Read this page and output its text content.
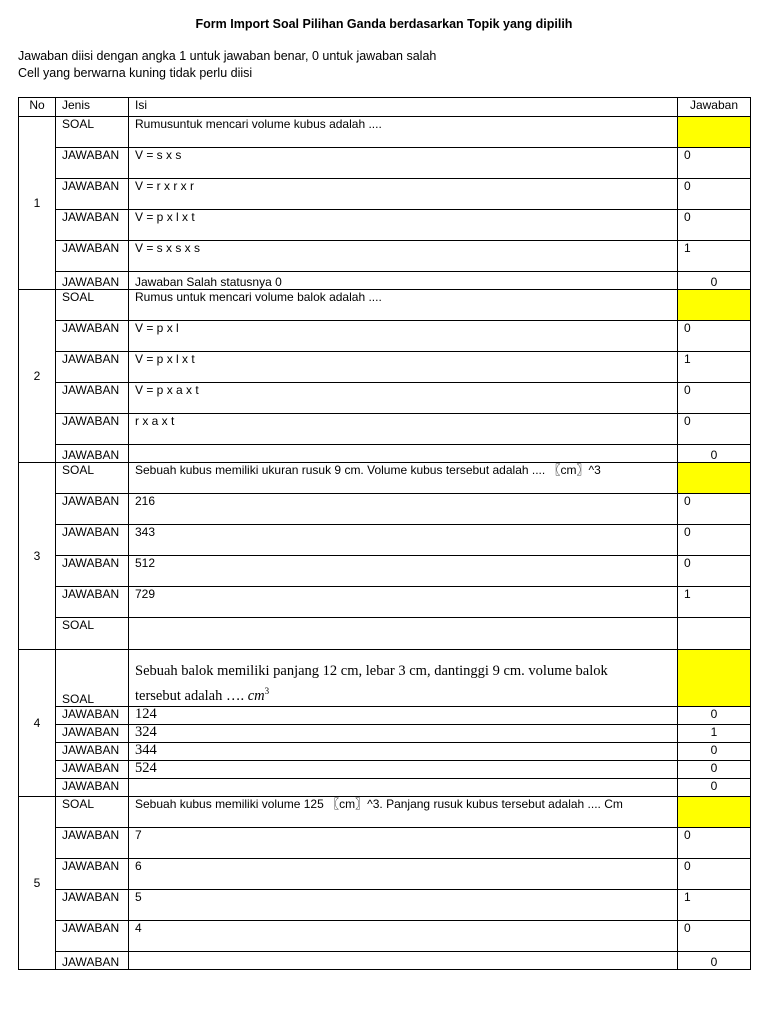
Form Import Soal Pilihan Ganda berdasarkan Topik yang dipilih
Jawaban diisi dengan angka 1 untuk jawaban benar, 0 untuk jawaban salah
Cell yang berwarna kuning tidak perlu diisi
No	Jenis	Isi	Jawaban
1	SOAL	Rumusuntuk mencari volume kubus adalah ....	
	JAWABAN	V = s x s	0
	JAWABAN	V = r x r x r	0
	JAWABAN	V = p x l x t	0
	JAWABAN	V = s x s x s	1
	JAWABAN	Jawaban Salah statusnya 0	0
2	SOAL	Rumus untuk mencari volume balok adalah ....	
	JAWABAN	V = p x l	0
	JAWABAN	V = p x l x t	1
	JAWABAN	V = p x a x t	0
	JAWABAN	r x a x t	0
	JAWABAN		0
3	SOAL	Sebuah kubus memiliki ukuran rusuk 9 cm. Volume kubus tersebut adalah .... 〖cm〗^3	
	JAWABAN	216	0
	JAWABAN	343	0
	JAWABAN	512	0
	JAWABAN	729	1
	SOAL		
4	SOAL	Sebuah balok memiliki panjang 12 cm, lebar 3 cm, dantinggi 9 cm. volume balok
tersebut adalah …. $cm^3$

	JAWABAN	124	0
	JAWABAN	324	1
	JAWABAN	344	0
	JAWABAN	524	0
	JAWABAN		0
5	SOAL	Sebuah kubus memiliki volume 125 〖cm〗^3. Panjang rusuk kubus tersebut adalah .... Cm	
	JAWABAN	7	0
	JAWABAN	6	0
	JAWABAN	5	1
	JAWABAN	4	0
	JAWABAN		0
